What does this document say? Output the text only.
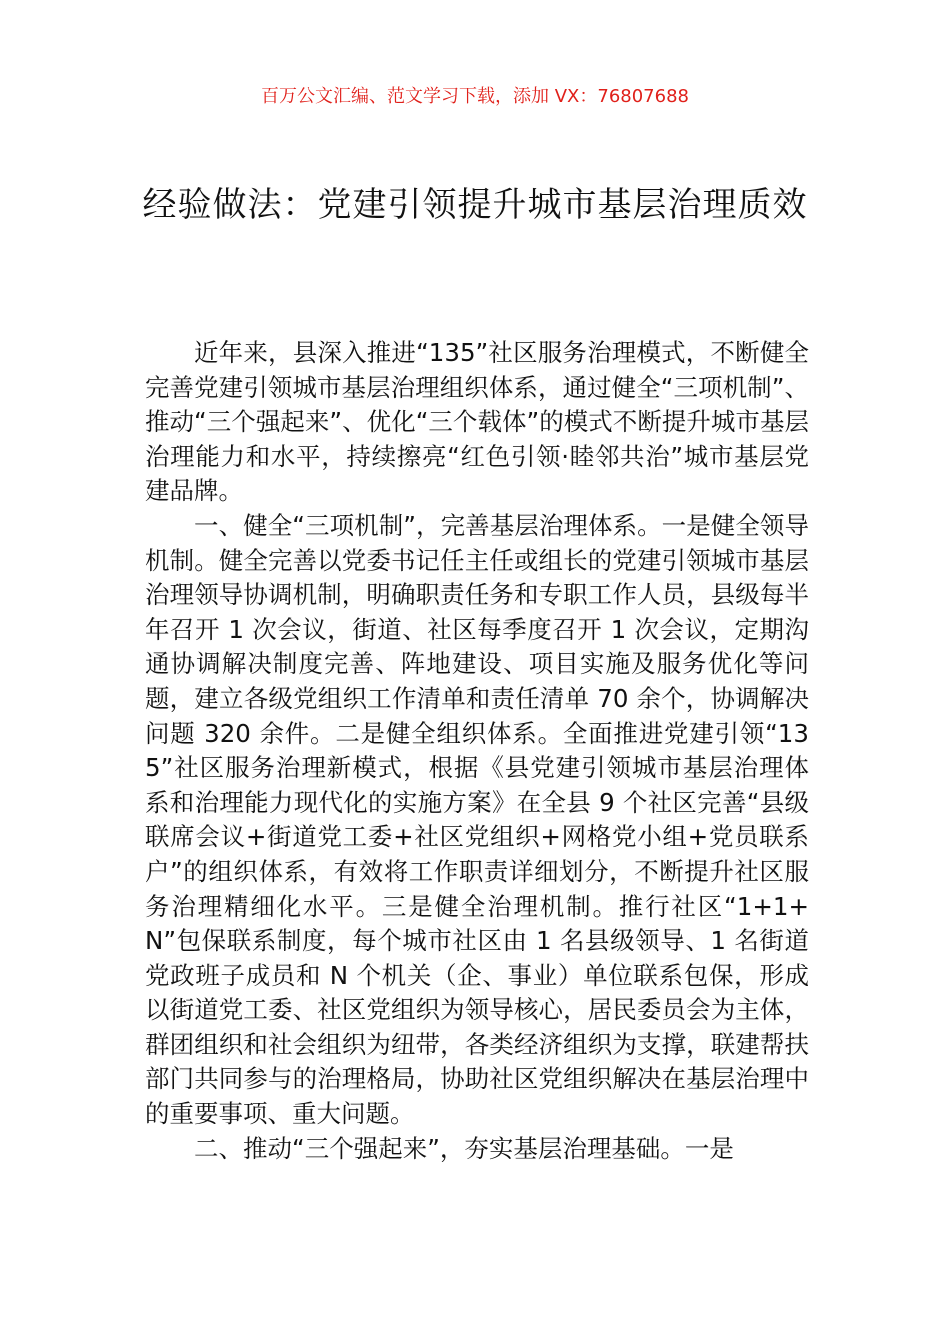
百万公文汇编、范文学习下载，添加 VX：76807688
经验做法：党建引领提升城市基层治理质效

近年来，县深入推进“135”社区服务治理模式，不断健全完善党建引领城市基层治理组织体系，通过健全“三项机制”、推动“三个强起来”、优化“三个载体”的模式不断提升城市基层治理能力和水平，持续擦亮“红色引领·睦邻共治”城市基层党建品牌。

一、健全“三项机制”，完善基层治理体系。一是健全领导机制。健全完善以党委书记任主任或组长的党建引领城市基层治理领导协调机制，明确职责任务和专职工作人员，县级每半年召开 1 次会议，街道、社区每季度召开 1 次会议，定期沟通协调解决制度完善、阵地建设、项目实施及服务优化等问题，建立各级党组织工作清单和责任清单 70 余个，协调解决问题 320 余件。二是健全组织体系。全面推进党建引领“135”社区服务治理新模式，根据《县党建引领城市基层治理体系和治理能力现代化的实施方案》在全县 9 个社区完善“县级联席会议+街道党工委+社区党组织+网格党小组+党员联系户”的组织体系，有效将工作职责详细划分，不断提升社区服务治理精细化水平。三是健全治理机制。推行社区“1+1+N”包保联系制度，每个城市社区由 1 名县级领导、1 名街道党政班子成员和 N 个机关（企、事业）单位联系包保，形成以街道党工委、社区党组织为领导核心，居民委员会为主体，群团组织和社会组织为纽带，各类经济组织为支撑，联建帮扶部门共同参与的治理格局，协助社区党组织解决在基层治理中的重要事项、重大问题。

二、推动“三个强起来”，夯实基层治理基础。一是
